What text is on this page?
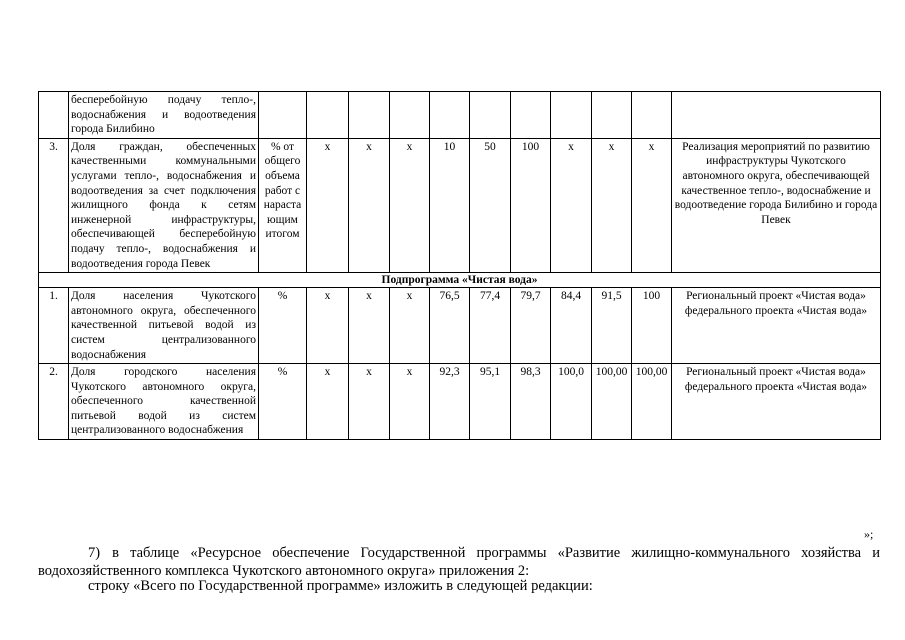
	бесперебойную подачу тепло-, водоснабжения и водоотведения города Билибино											
3.	Доля граждан, обеспеченных качественными коммунальными услугами тепло-, водоснабжения и водоотведения за счет подключения жилищного фонда к сетям инженерной инфраструктуры, обеспечивающей бесперебойную подачу тепло-, водоснабжения и водоотведения города Певек	% от общего объема работ с нарастающим итогом	х	х	х	10	50	100	х	х	х	Реализация мероприятий по развитию инфраструктуры Чукотского автономного округа, обеспечивающей качественное тепло-, водоснабжение и водоотведение города Билибино и города Певек
Подпрограмма «Чистая вода»												
1.	Доля населения Чукотского автономного округа, обеспеченного качественной питьевой водой из систем централизованного водоснабжения	%	х	х	х	76,5	77,4	79,7	84,4	91,5	100	Региональный проект «Чистая вода» федерального проекта «Чистая вода»
2.	Доля городского населения Чукотского автономного округа, обеспеченного качественной питьевой водой из систем централизованного водоснабжения	%	х	х	х	92,3	95,1	98,3	100,0	100,00	100,00	Региональный проект «Чистая вода» федерального проекта «Чистая вода»
»;
7) в таблице «Ресурсное обеспечение Государственной программы «Развитие жилищно-коммунального хозяйства и водохозяйственного комплекса Чукотского автономного округа» приложения 2:
строку «Всего по Государственной программе» изложить в следующей редакции:
